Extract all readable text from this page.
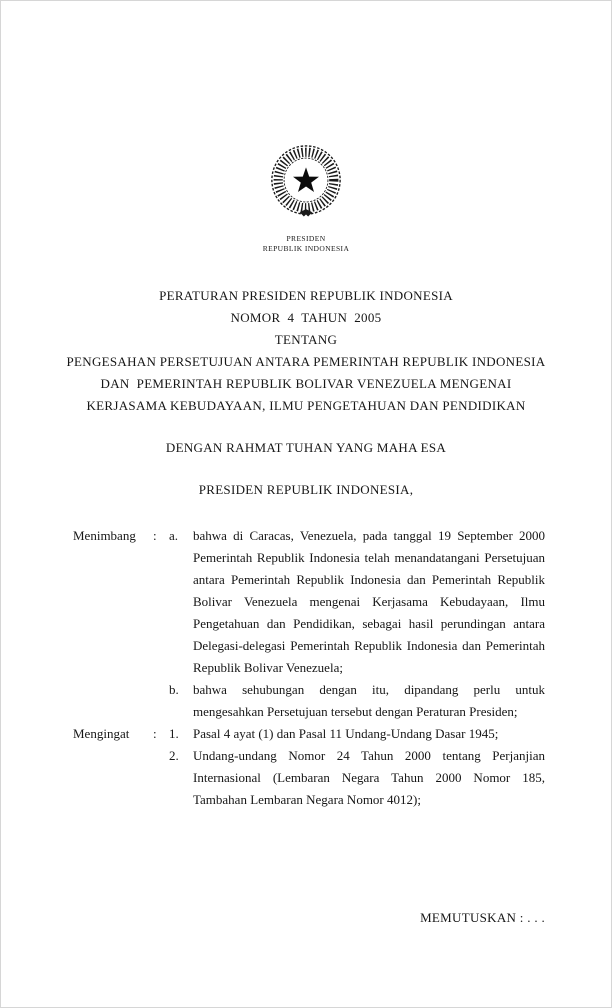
PRESIDEN
REPUBLIK INDONESIA
PERATURAN PRESIDEN REPUBLIK INDONESIA
NOMOR  4  TAHUN  2005
TENTANG
PENGESAHAN PERSETUJUAN ANTARA PEMERINTAH REPUBLIK INDONESIA
DAN  PEMERINTAH REPUBLIK BOLIVAR VENEZUELA MENGENAI
KERJASAMA KEBUDAYAAN, ILMU PENGETAHUAN DAN PENDIDIKAN
DENGAN RAHMAT TUHAN YANG MAHA ESA
PRESIDEN REPUBLIK INDONESIA,
Menimbang	: a.	bahwa di Caracas, Venezuela, pada tanggal 19 September 2000 Pemerintah Republik Indonesia telah menandatangani Persetujuan antara Pemerintah Republik Indonesia dan Pemerintah Republik Bolivar Venezuela mengenai Kerjasama Kebudayaan, Ilmu Pengetahuan dan Pendidikan, sebagai hasil perundingan antara Delegasi-delegasi Pemerintah Republik Indonesia dan Pemerintah Republik Bolivar Venezuela;
b.	bahwa sehubungan dengan itu, dipandang perlu untuk mengesahkan Persetujuan tersebut dengan Peraturan Presiden;
Mengingat	: 1.	Pasal 4 ayat (1) dan Pasal 11 Undang-Undang Dasar 1945;
2.	Undang-undang Nomor 24 Tahun 2000 tentang Perjanjian Internasional (Lembaran Negara Tahun 2000 Nomor 185, Tambahan Lembaran Negara Nomor 4012);
MEMUTUSKAN : . . .
